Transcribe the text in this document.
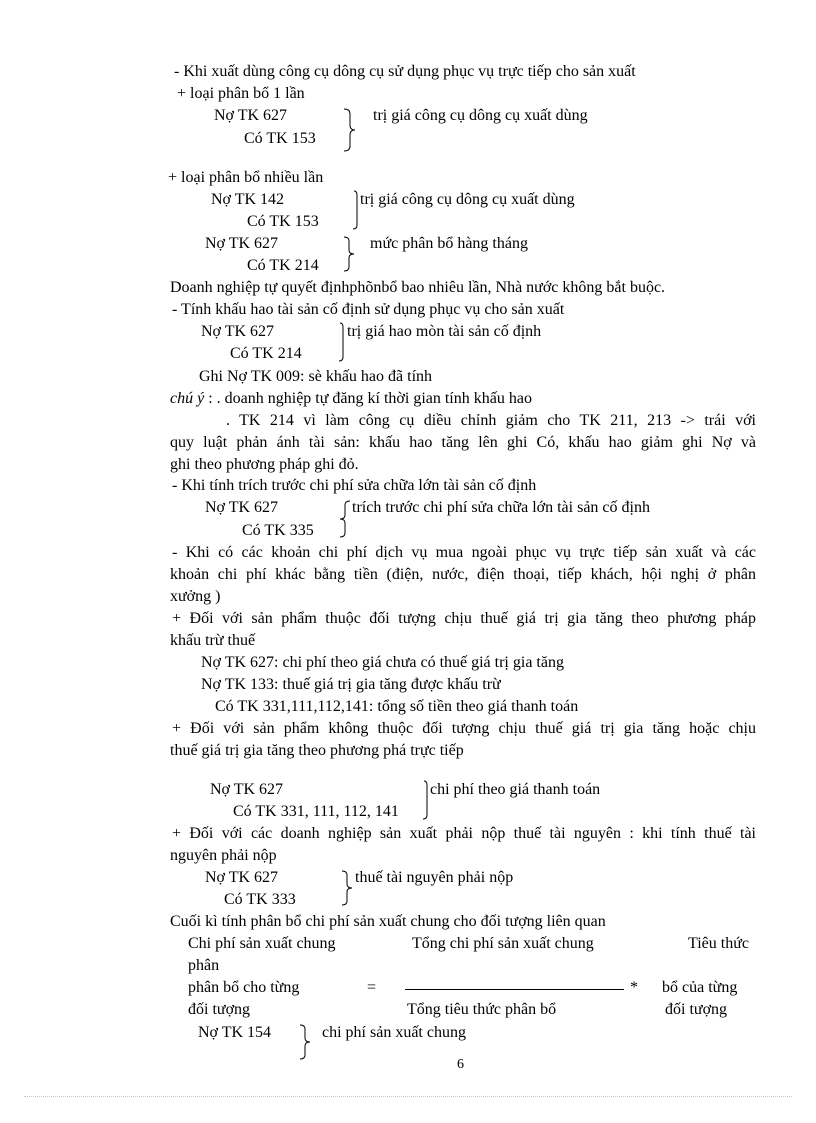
- Khi xuất dùng công cụ dông cụ sử dụng phục vụ trực tiếp cho sản xuất
+ loại phân bổ 1 lần
Nợ TK 627	trị giá công cụ dông cụ xuất dùng
Có TK 153
+ loại phân bổ nhiều lần
Nợ TK 142	trị giá công cụ dông cụ xuất dùng
Có TK 153
Nợ TK 627	mức phân bổ hàng tháng
Có TK 214
Doanh nghiệp tự quyết địnhphõnbổ bao nhiêu lần, Nhà nước không bắt buộc.
- Tính khấu hao tài sản cố định sử dụng phục vụ cho sản xuất
Nợ TK 627	trị giá hao mòn tài sản cố định
Có TK 214
Ghi Nợ TK 009: sè khấu hao đã tính
chú ý : . doanh nghiệp tự đăng kí thời gian tính khấu hao
. TK 214 vì làm công cụ diều chỉnh giảm cho TK 211, 213 -> trái với
quy luật phản ánh tài sản: khấu hao tăng lên ghi Có, khấu hao giảm ghi Nợ và
ghi theo phương pháp ghi đỏ.
- Khi tính trích trước chi phí sửa chữa lớn tài sản cố định
Nợ TK 627	trích trước chi phí sửa chữa lớn tài sản cố định
Có TK 335
- Khi có các khoản chi phí dịch vụ mua ngoài phục vụ trực tiếp sản xuất và các
khoản chi phí khác bằng tiền (điện, nước, điện thoại, tiếp khách, hội nghị ở phân
xưởng )
+ Đối với sản phẩm thuộc đối tượng chịu thuế giá trị gia tăng theo phương pháp
khấu trừ thuế
Nợ TK 627: chi phí theo giá chưa có thuế giá trị gia tăng
Nợ TK 133: thuế giá trị gia tăng được khấu trừ
Có TK 331,111,112,141: tổng số tiền theo giá thanh toán
+ Đối với sản phẩm không thuộc đối tượng chịu thuế giá trị gia tăng hoặc chịu
thuế giá trị gia tăng theo phương phá trực tiếp
Nợ TK 627	chi phí theo giá thanh toán
Có TK 331, 111, 112, 141
+ Đối với các doanh nghiệp sản xuất phải nộp thuế tài nguyên : khi tính thuế tài
nguyên phải nộp
Nợ TK 627	thuế tài nguyên phải nộp
Có TK 333
Cuối kì tính phân bổ chi phí sản xuất chung cho đối tượng liên quan
Chi phí sản xuất chung	Tổng chi phí sản xuất chung	Tiêu thức
phân
phân bổ cho từng	=	* bổ của từng
đối tượng	Tổng tiêu thức phân bổ	đối tượng
Nợ TK 154	chi phí sản xuất chung
6
